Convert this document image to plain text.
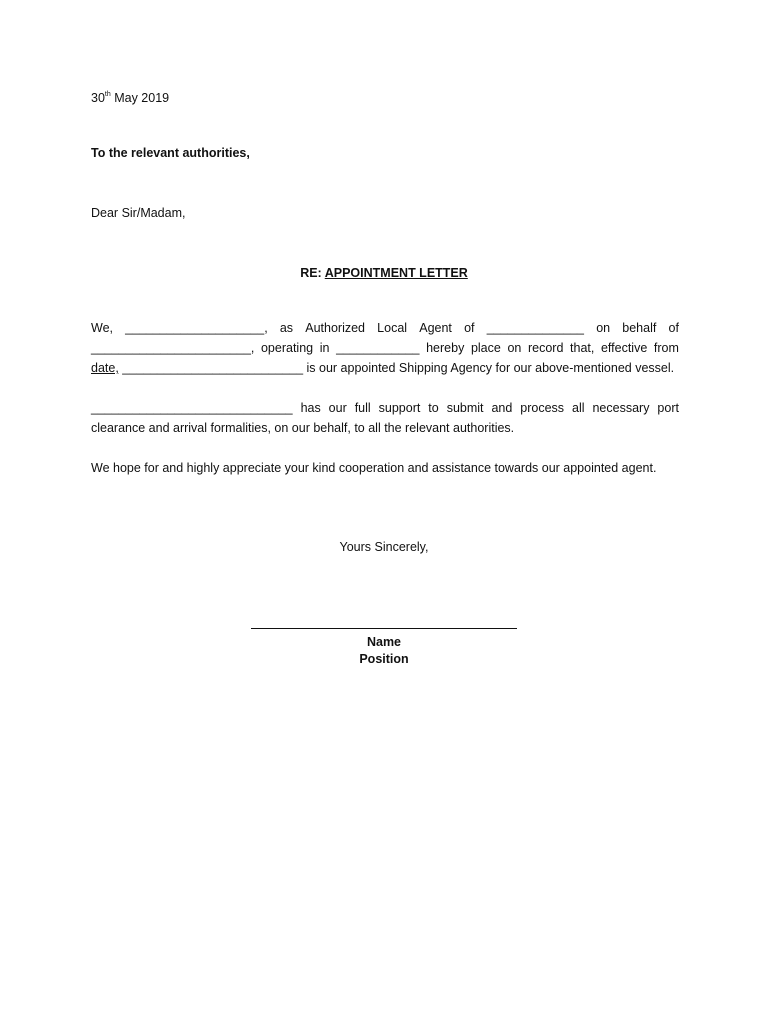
30th May 2019
To the relevant authorities,
Dear Sir/Madam,
RE: APPOINTMENT LETTER
We, ____________________, as Authorized Local Agent of ______________ on behalf of
_______________________, operating in ____________ hereby place on record that, effective from
date, __________________________ is our appointed Shipping Agency for our above-mentioned vessel.
_____________________________ has our full support to submit and process all necessary port
clearance and arrival formalities, on our behalf, to all the relevant authorities.
We hope for and highly appreciate your kind cooperation and assistance towards our appointed agent.
Yours Sincerely,
Name
Position
